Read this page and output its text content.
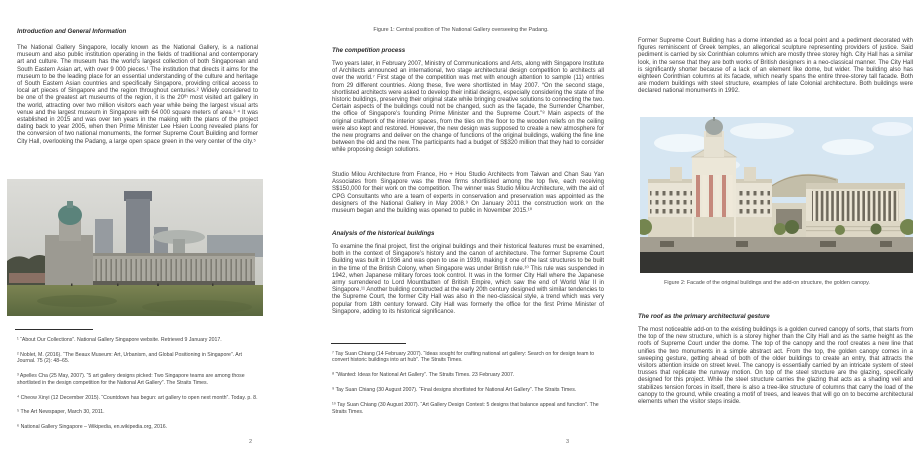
Introduction and General Information

The National Gallery Singapore, locally known as the National Gallery, is a national museum and also public institution operating in the fields of traditional and contemporary art and culture. The museum has the world’s largest collection of both Singaporean and South Eastern Asian art, with over 9 000 pieces.¹ The institution that directs it aims for the museum to be the leading place for an essential understanding of the culture and heritage of South Eastern Asian countries and specifically Singapore, providing critical access to local art pieces of Singapore and the region throughout centuries.² Widely considered to be one of the greatest art museums of the region, it is the 20ᵗʰ most visited art gallery in the world, attracting over two million visitors each year while being the largest visual arts venue and the largest museum in Singapore with 64 000 square meters of area.³ ⁴ It was established in 2015 and was over ten years in the making with the plans of the project dating back to year 2005, when then Prime Minister Lee Hsien Loong revealed plans for the conversion of two national monuments, the former Supreme Court Building and former City Hall, overlooking the Padang, a large open space green in the very center of the city.⁵

¹ “About Our Collections”. National Gallery Singapore website. Retrieved 9 January 2017.
² Noblet, M. (2016). “The Beaux Museum: Art, Urbanism, and Global Positioning in Singapore”. Art Journal. 75 (2): 48–65.
³ Apelles Cha (25 May, 2007). “5 art gallery designs picked: Two Singapore teams are among those shortlisted in the design competition for the National Art Gallery”. The Straits Times.
⁴ Cheow Xinyi (12 December 2015). “Countdown has begun: art gallery to open next month”. Today. p. 8.
⁵ The Art Newspaper, March 30, 2011.
⁶ National Gallery Singapore – Wikipedia, en.wikipedia.org, 2016.
2
Figure 1: Central position of The National Gallery overseeing the Padang.
The competition process

Two years later, in February 2007, Ministry of Communications and Arts, along with Singapore Institute of Architects announced an international, two stage architectural design competition to architects all over the world.⁷ First stage of the competition was met with enough attention to sample (11) entries from 29 different countries. Along these, five were shortlisted in May 2007. “On the second stage, shortlisted architects were asked to develop their initial designs, especially considering the state of the historic buildings, preserving their original state while bringing creative solutions to connecting the two. Certain aspects of the buildings could not be changed, such as the façade, the Surrender Chamber, the office of Singapore’s founding Prime Minister and the Supreme Court.”⁸ Main aspects of the original craftwork of the interior spaces, from the tiles on the floor to the wooden reliefs on the ceiling were also kept and restored. However, the new design was supposed to create a new atmosphere for the new programs and deliver on the change of functions of the original buildings, walking the fine line between the old and the new. The participants had a budget of S$320 million that they had to consider while proposing design solutions.

Studio Milou Architecture from France, Ho + Hou Studio Architects from Taiwan and Chan Sau Yan Associates from Singapore was the three firms shortlisted among the top five, each receiving S$150,000 for their work on the competition. The winner was Studio Milou Architecture, with the aid of CPG Consultants who are a team of experts in conservation and preservation was appointed as the designers of the National Gallery in May 2008.⁹ On January 2011 the construction work on the museum began and the building was opened to public in November 2015.¹⁰

Analysis of the historical buildings

To examine the final project, first the original buildings and their historical features must be examined, both in the context of Singapore’s history and the canon of architecture. The former Supreme Court Building was built in 1936 and was open to use in 1939, making it one of the last structures to be built in the time of the British Colony, when Singapore was under British rule.¹⁰ This rule was suspended in 1942, when Japanese military forces took control. It was in the former City Hall where the Japanese army surrendered to Lord Mountbatten of British Empire, which saw the end of World War II in Singapore.¹¹ Another building constructed at the early 20th century designed with similar tendencies to the Supreme Court, the former City Hall was also in the neo-classical style, a trend which was very popular from 18th century forward. City Hall was formerly the office for the first Prime Minister of Singapore, adding to its historical significance.

⁷ Tay Suan Chiang (14 February 2007). “Ideas sought for crafting national art gallery: Search on for design team to convert historic buildings into art hub”. The Straits Times.
⁸ “Wanted: Ideas for National Art Gallery”. The Straits Times. 23 February 2007.
⁹ Tay Suan Chiang (30 August 2007). “Final designs shortlisted for National Art Gallery”. The Straits Times.
¹⁰ Tay Suan Chiang (30 August 2007). “Art Gallery Design Contest: 5 designs that balance appeal and function”. The Straits Times.
3

Former Supreme Court Building has a dome intended as a focal point and a pediment decorated with figures reminiscent of Greek temples, an allegorical sculpture representing providers of justice. Said pediment is carried by six Corinthian columns which are mostly three storey high. City Hall has a similar look, in the sense that they are both works of British designers in a neo-classical manner. The City Hall is significantly shorter because of a lack of an element like dome, but wider. The building also has eighteen Corinthian columns at its facade, which nearly spans the entire three-storey tall facade. Both are modern buildings with steel structure, examples of late Colonial architecture. Both buildings were declared national monuments in 1992.

Figure 2: Facade of the original buildings and the add-on structure, the golden canopy.
The roof as the primary architectural gesture

The most noticeable add-on to the existing buildings is a golden curved canopy of sorts, that starts from the top of the new structure, which is a storey higher than the City Hall and as the same height as the roofs of Supreme Court under the dome. The top of the canopy and the roof creates a new line that unifies the two monuments in a simple abstract act. From the top, the golden canopy comes in a sweeping gesture, getting ahead of both of the older buildings to create an entry, that attracts the visitors attention inside on street level. The canopy is essentially carried by an intricate system of steel trusses that replicate the runway motion. On top of the steel structure are the glazing, specifically designed for this project. While the steel structure carries the glazing that acts as a shading veil and stabilizes tension forces in itself, there is also a tree-like structure of columns that carry the load of the canopy to the ground, while creating a motif of trees, and leaves that will go on to become architectural elements when the visitor steps inside.
